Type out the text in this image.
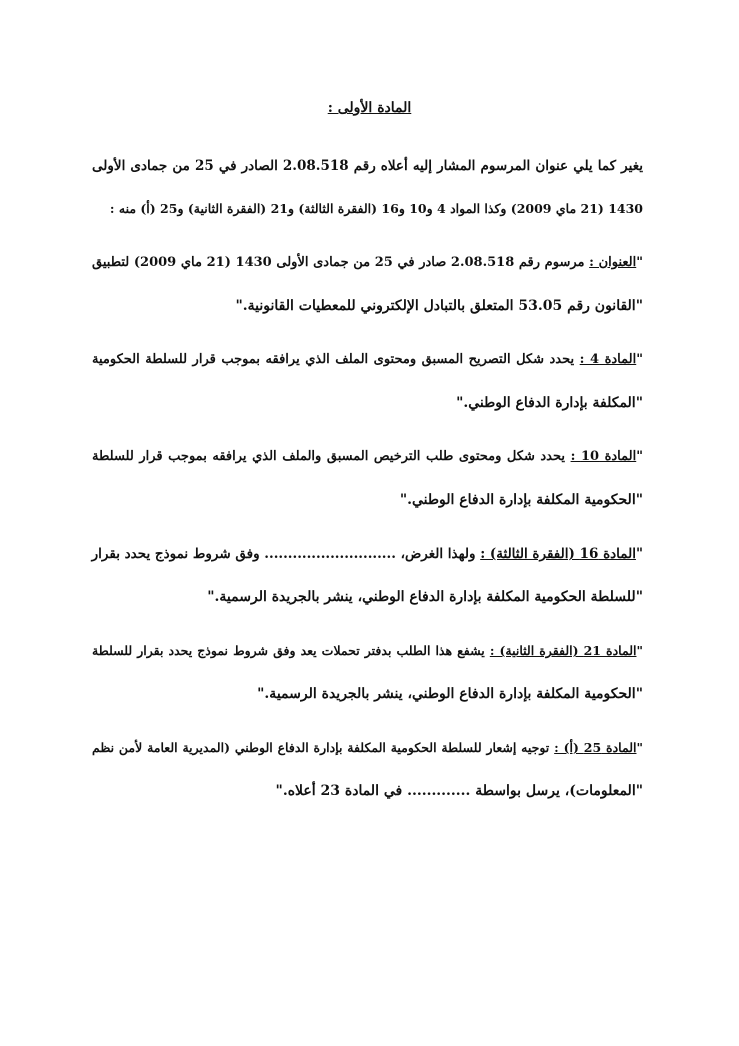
المادة الأولى :
يغير كما يلي عنوان المرسوم المشار إليه أعلاه رقم 2.08.518 الصادر في 25 من جمادى الأولى
1430 (21 ماي 2009) وكذا المواد 4 و10 و16 (الفقرة الثالثة) و21 (الفقرة الثانية) و25 (أ) منه :
"العنوان : مرسوم رقم 2.08.518 صادر في 25 من جمادى الأولى 1430 (21 ماي 2009) لتطبيق
"القانون رقم 53.05 المتعلق بالتبادل الإلكتروني للمعطيات القانونية."
"المادة 4 : يحدد شكل التصريح المسبق ومحتوى الملف الذي يرافقه بموجب قرار للسلطة الحكومية
"المكلفة بإدارة الدفاع الوطني."
"المادة 10 : يحدد شكل ومحتوى طلب الترخيص المسبق والملف الذي يرافقه بموجب قرار للسلطة
"الحكومية المكلفة بإدارة الدفاع الوطني."
"المادة 16 (الفقرة الثالثة) : ولهذا الغرض، ............................ وفق شروط نموذج يحدد بقرار
"للسلطة الحكومية المكلفة بإدارة الدفاع الوطني، ينشر بالجريدة الرسمية."
"المادة 21 (الفقرة الثانية) : يشفع هذا الطلب بدفتر تحملات يعد وفق شروط نموذج يحدد بقرار للسلطة
"الحكومية المكلفة بإدارة الدفاع الوطني، ينشر بالجريدة الرسمية."
"المادة 25 (أ) : توجيه إشعار للسلطة الحكومية المكلفة بإدارة الدفاع الوطني (المديرية العامة لأمن نظم
"المعلومات)، يرسل بواسطة ............. في المادة 23 أعلاه."
